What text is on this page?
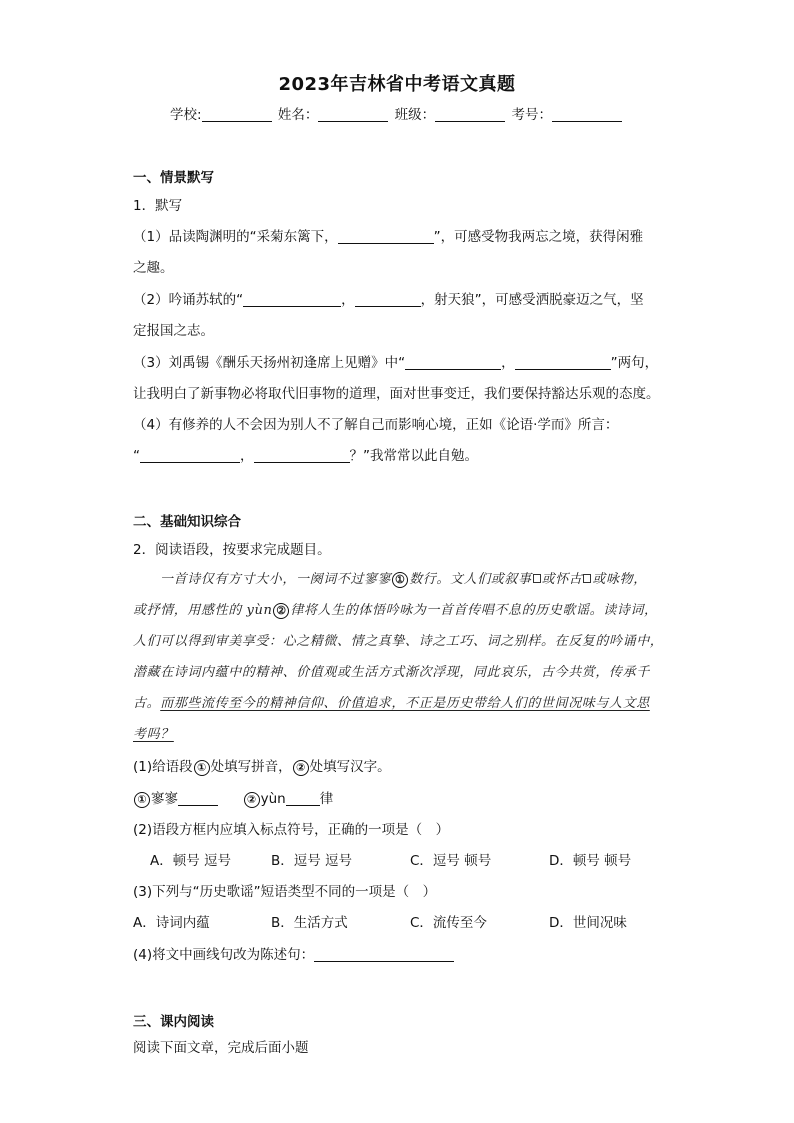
2023年吉林省中考语文真题
学校:	姓名：	班级：	考号：
一、情景默写
1．默写
（1）品读陶渊明的“采菊东篱下，	”，可感受物我两忘之境，获得闲雅
之趣。
（2）吟诵苏轼的“	，	，射天狼”，可感受洒脱豪迈之气，坚
定报国之志。
（3）刘禹锡《酬乐天扬州初逢席上见赠》中“	，	”两句，
让我明白了新事物必将取代旧事物的道理，面对世事变迁，我们要保持豁达乐观的态度。
（4）有修养的人不会因为别人不了解自己而影响心境，正如《论语·学而》所言：
“	，	？”我常常以此自勉。
二、基础知识综合
2．阅读语段，按要求完成题目。
一首诗仅有方寸大小，一阕词不过寥寥 ① 数行。文人们或叙事 或怀古 或咏物，
或抒情，用感性的 yùn ② 律将人生的体悟吟咏为一首首传唱不息的历史歌谣。读诗词，
人们可以得到审美享受：心之精微、情之真挚、诗之工巧、词之别样。在反复的吟诵中，
潜藏在诗词内蕴中的精神、价值观或生活方式渐次浮现，同此哀乐，古今共赏，传承千
古。而那些流传至今的精神信仰、价值追求，不正是历史带给人们的世间况味与人文思
考吗？
(1)给语段 ① 处填写拼音， ② 处填写汉字。
① 寥寥	② yùn	律
(2)语段方框内应填入标点符号，正确的一项是（　）
A．顿号 逗号	B．逗号 逗号	C．逗号 顿号	D．顿号 顿号
(3)下列与“历史歌谣”短语类型不同的一项是（　）
A．诗词内蕴	B．生活方式	C．流传至今	D．世间况味
(4)将文中画线句改为陈述句：
三、课内阅读
阅读下面文章，完成后面小题
